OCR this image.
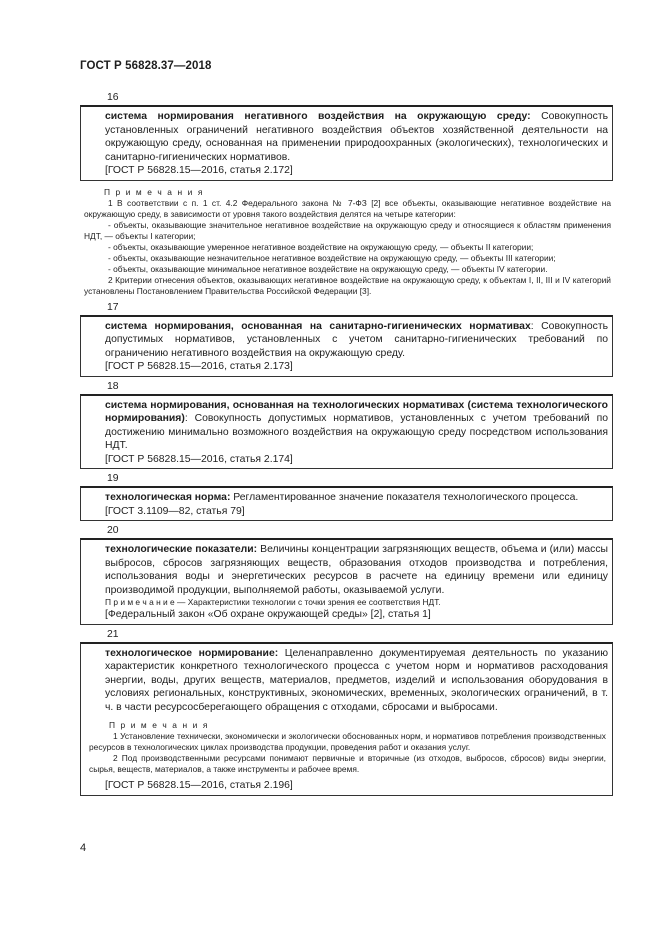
ГОСТ Р 56828.37—2018
16

система нормирования негативного воздействия на окружающую среду: Совокупность установленных ограничений негативного воздействия объектов хозяйственной деятельности на окружающую среду, основанная на применении природоохранных (экологических), технологических и санитарно-гигиенических нормативов.

[ГОСТ Р 56828.15—2016, статья 2.172]

П р и м е ч а н и я

1 В соответствии с п. 1 ст. 4.2 Федерального закона № 7-ФЗ [2] все объекты, оказывающие негативное воздействие на окружающую среду, в зависимости от уровня такого воздействия делятся на четыре категории:

- объекты, оказывающие значительное негативное воздействие на окружающую среду и относящиеся к областям применения НДТ, — объекты I категории;

- объекты, оказывающие умеренное негативное воздействие на окружающую среду, — объекты II категории;

- объекты, оказывающие незначительное негативное воздействие на окружающую среду, — объекты III категории;

- объекты, оказывающие минимальное негативное воздействие на окружающую среду, — объекты IV категории.

2 Критерии отнесения объектов, оказывающих негативное воздействие на окружающую среду, к объектам I, II, III и IV категорий установлены Постановлением Правительства Российской Федерации [3].

17

система нормирования, основанная на санитарно-гигиенических нормативах: Совокупность допустимых нормативов, установленных с учетом санитарно-гигиенических требований по ограничению негативного воздействия на окружающую среду.

[ГОСТ Р 56828.15—2016, статья 2.173]

18

система нормирования, основанная на технологических нормативах (система технологического нормирования): Совокупность допустимых нормативов, установленных с учетом требований по достижению минимально возможного воздействия на окружающую среду посредством использования НДТ.

[ГОСТ Р 56828.15—2016, статья 2.174]

19

технологическая норма: Регламентированное значение показателя технологического процесса.

[ГОСТ 3.1109—82, статья 79]

20

технологические показатели: Величины концентрации загрязняющих веществ, объема и (или) массы выбросов, сбросов загрязняющих веществ, образования отходов производства и потребления, использования воды и энергетических ресурсов в расчете на единицу времени или единицу производимой продукции, выполняемой работы, оказываемой услуги.

П р и м е ч а н и е — Характеристики технологии с точки зрения ее соответствия НДТ.

[Федеральный закон «Об охране окружающей среды» [2], статья 1]

21

технологическое нормирование: Целенаправленно документируемая деятельность по указанию характеристик конкретного технологического процесса с учетом норм и нормативов расходования энергии, воды, других веществ, материалов, предметов, изделий и использования оборудования в условиях региональных, конструктивных, экономических, временных, экологических ограничений, в т. ч. в части ресурсосберегающего обращения с отходами, сбросами и выбросами.

П р и м е ч а н и я

1 Установление технически, экономически и экологически обоснованных норм, и нормативов потребления производственных ресурсов в технологических циклах производства продукции, проведения работ и оказания услуг.

2 Под производственными ресурсами понимают первичные и вторичные (из отходов, выбросов, сбросов) виды энергии, сырья, веществ, материалов, а также инструменты и рабочее время.

[ГОСТ Р 56828.15—2016, статья 2.196]

4
